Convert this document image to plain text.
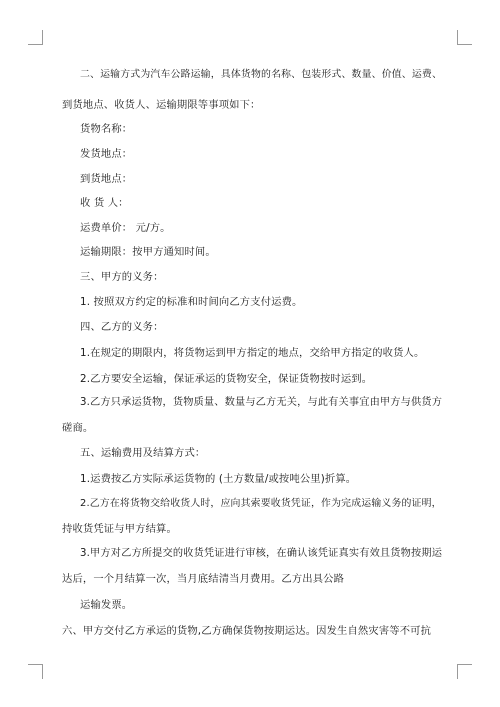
二、运输方式为汽车公路运输，具体货物的名称、包装形式、数量、价值、运费、

到货地点、收货人、运输期限等事项如下：

货物名称：

发货地点：

到货地点：

收 货 人：

运费单价： 元/方。

运输期限：按甲方通知时间。

三、甲方的义务：

1. 按照双方约定的标准和时间向乙方支付运费。

四、乙方的义务：

1.在规定的期限内，将货物运到甲方指定的地点，交给甲方指定的收货人。

2.乙方要安全运输，保证承运的货物安全，保证货物按时运到。

3.乙方只承运货物，货物质量、数量与乙方无关，与此有关事宜由甲方与供货方

磋商。

五、运输费用及结算方式：

1.运费按乙方实际承运货物的 (土方数量/或按吨公里)折算。

2.乙方在将货物交给收货人时，应向其索要收货凭证，作为完成运输义务的证明，

持收货凭证与甲方结算。

3.甲方对乙方所提交的收货凭证进行审核，在确认该凭证真实有效且货物按期运

达后，一个月结算一次，当月底结清当月费用。乙方出具公路

运输发票。

六、甲方交付乙方承运的货物,乙方确保货物按期运达。因发生自然灾害等不可抗
